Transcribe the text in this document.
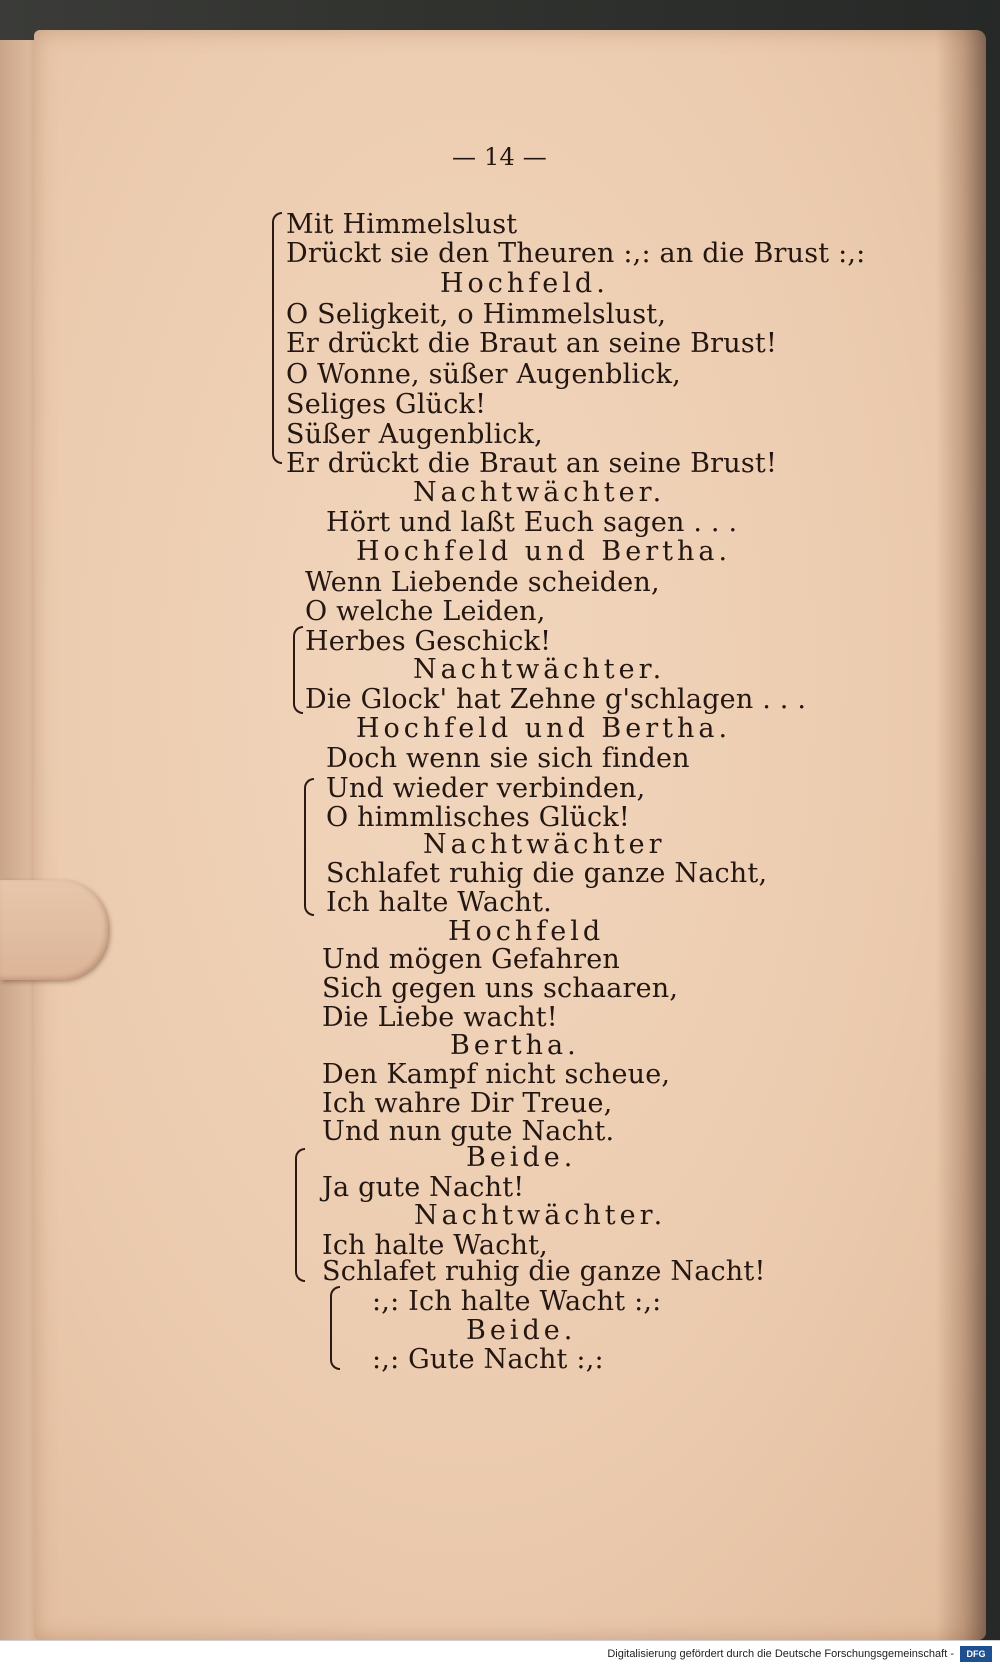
— 14 —
Mit Himmelslust
Drückt sie den Theuren :,: an die Brust :,:
Hochfeld.
O Seligkeit, o Himmelslust,
Er drückt die Braut an seine Brust!
O Wonne, süßer Augenblick,
Seliges Glück!
Süßer Augenblick,
Er drückt die Braut an seine Brust!
Nachtwächter.
Hört und laßt Euch sagen . . .
Hochfeld und Bertha.
Wenn Liebende scheiden,
O welche Leiden,
Herbes Geschick!
Nachtwächter.
Die Glock' hat Zehne g'schlagen . . .
Hochfeld und Bertha.
Doch wenn sie sich finden
Und wieder verbinden,
O himmlisches Glück!
Nachtwächter
Schlafet ruhig die ganze Nacht,
Ich halte Wacht.
Hochfeld
Und mögen Gefahren
Sich gegen uns schaaren,
Die Liebe wacht!
Bertha.
Den Kampf nicht scheue,
Ich wahre Dir Treue,
Und nun gute Nacht.
Beide.
Ja gute Nacht!
Nachtwächter.
Ich halte Wacht,
Schlafet ruhig die ganze Nacht!
:,: Ich halte Wacht :,:
Beide.
:,: Gute Nacht :,:
Digitalisierung gefördert durch die Deutsche Forschungsgemeinschaft -	DFG
